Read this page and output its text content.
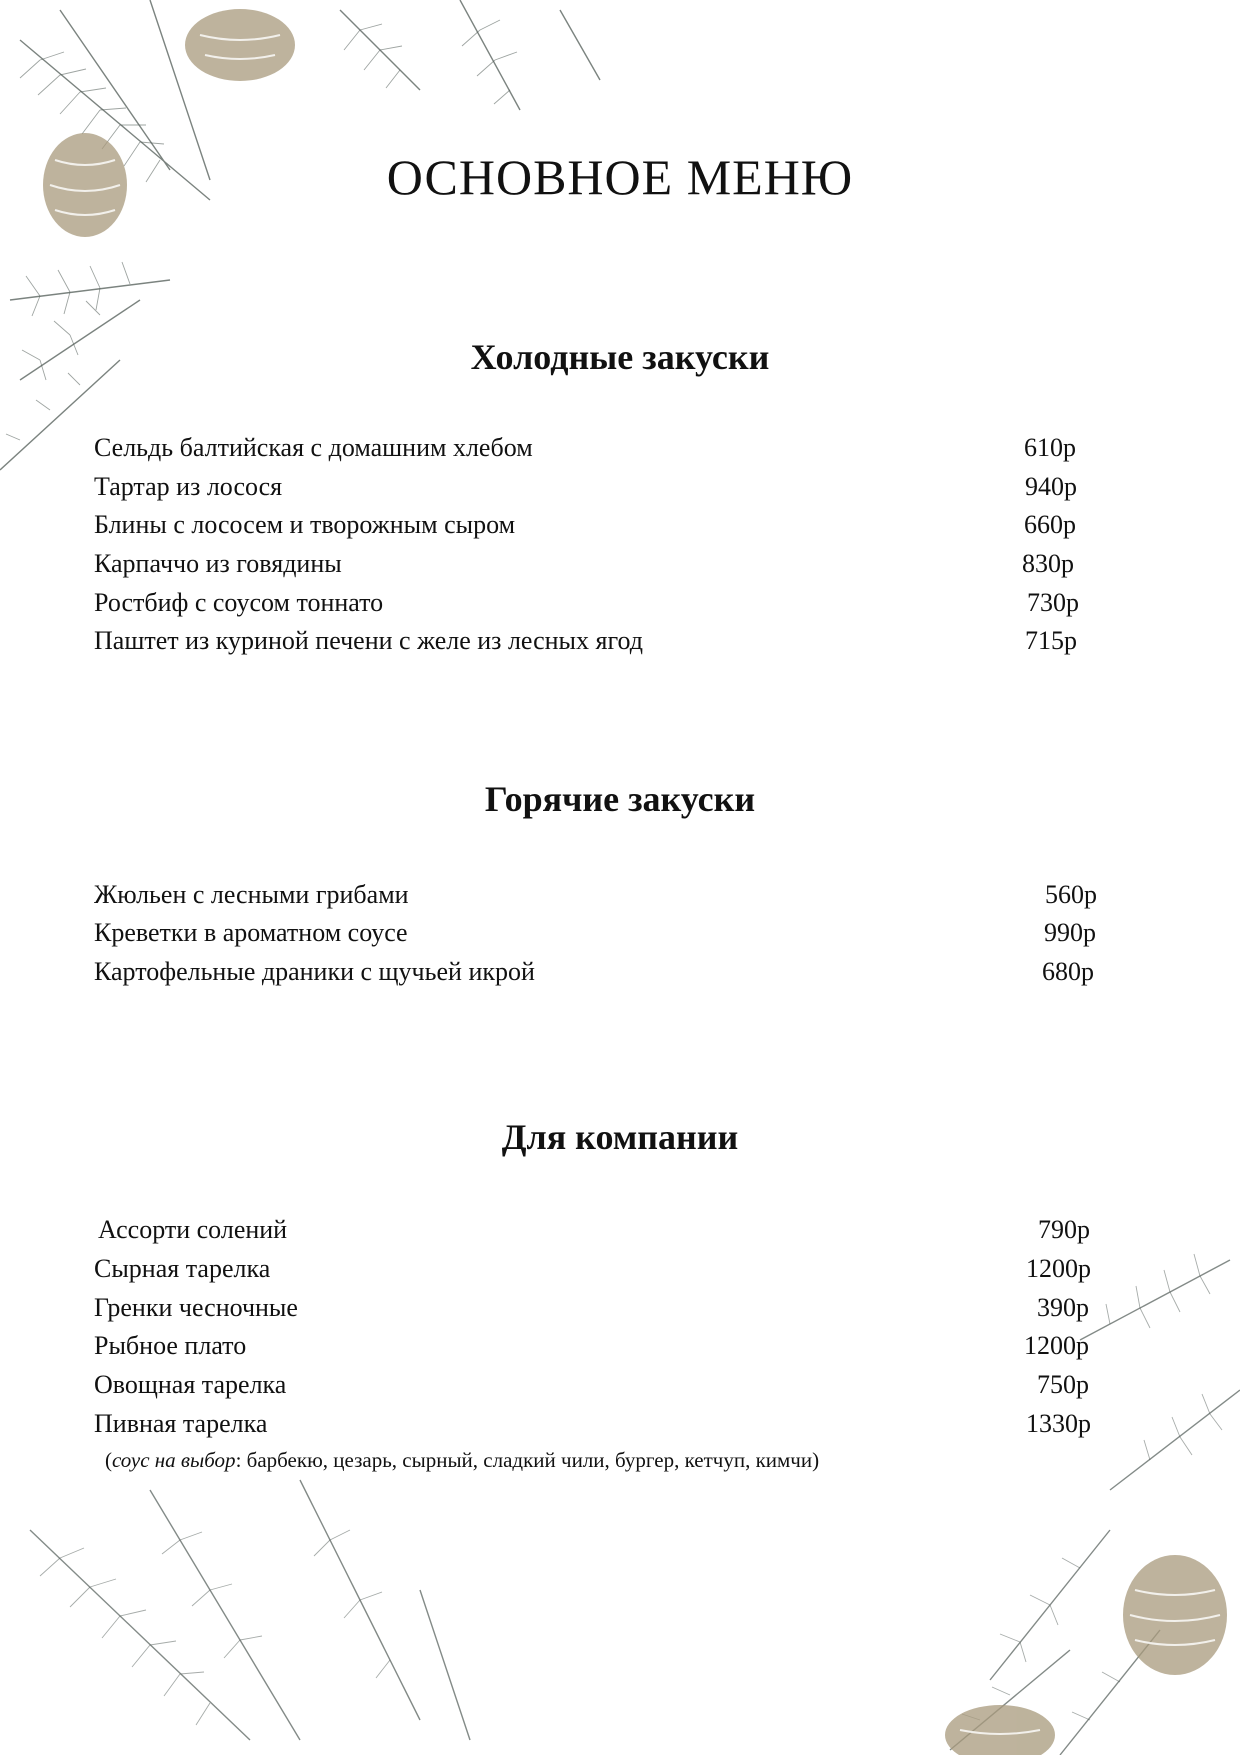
ОСНОВНОЕ МЕНЮ
Холодные закуски
Сельдь балтийская с домашним хлебом	610р
Тартар из лосося	940р
Блины с лососем и творожным сыром	660р
Карпаччо из говядины	830р
Ростбиф с соусом тоннато	730р
Паштет из куриной печени с желе из лесных ягод	715р
Горячие закуски
Жюльен с лесными грибами	560р
Креветки в ароматном соусе	990р
Картофельные драники с щучьей икрой	680р
Для компании
Ассорти солений	790р
Сырная тарелка	1200р
Гренки чесночные	390р
Рыбное плато	1200р
Овощная тарелка	750р
Пивная тарелка	1330р
(соус на выбор: барбекю, цезарь, сырный, сладкий чили, бургер, кетчуп, кимчи)
